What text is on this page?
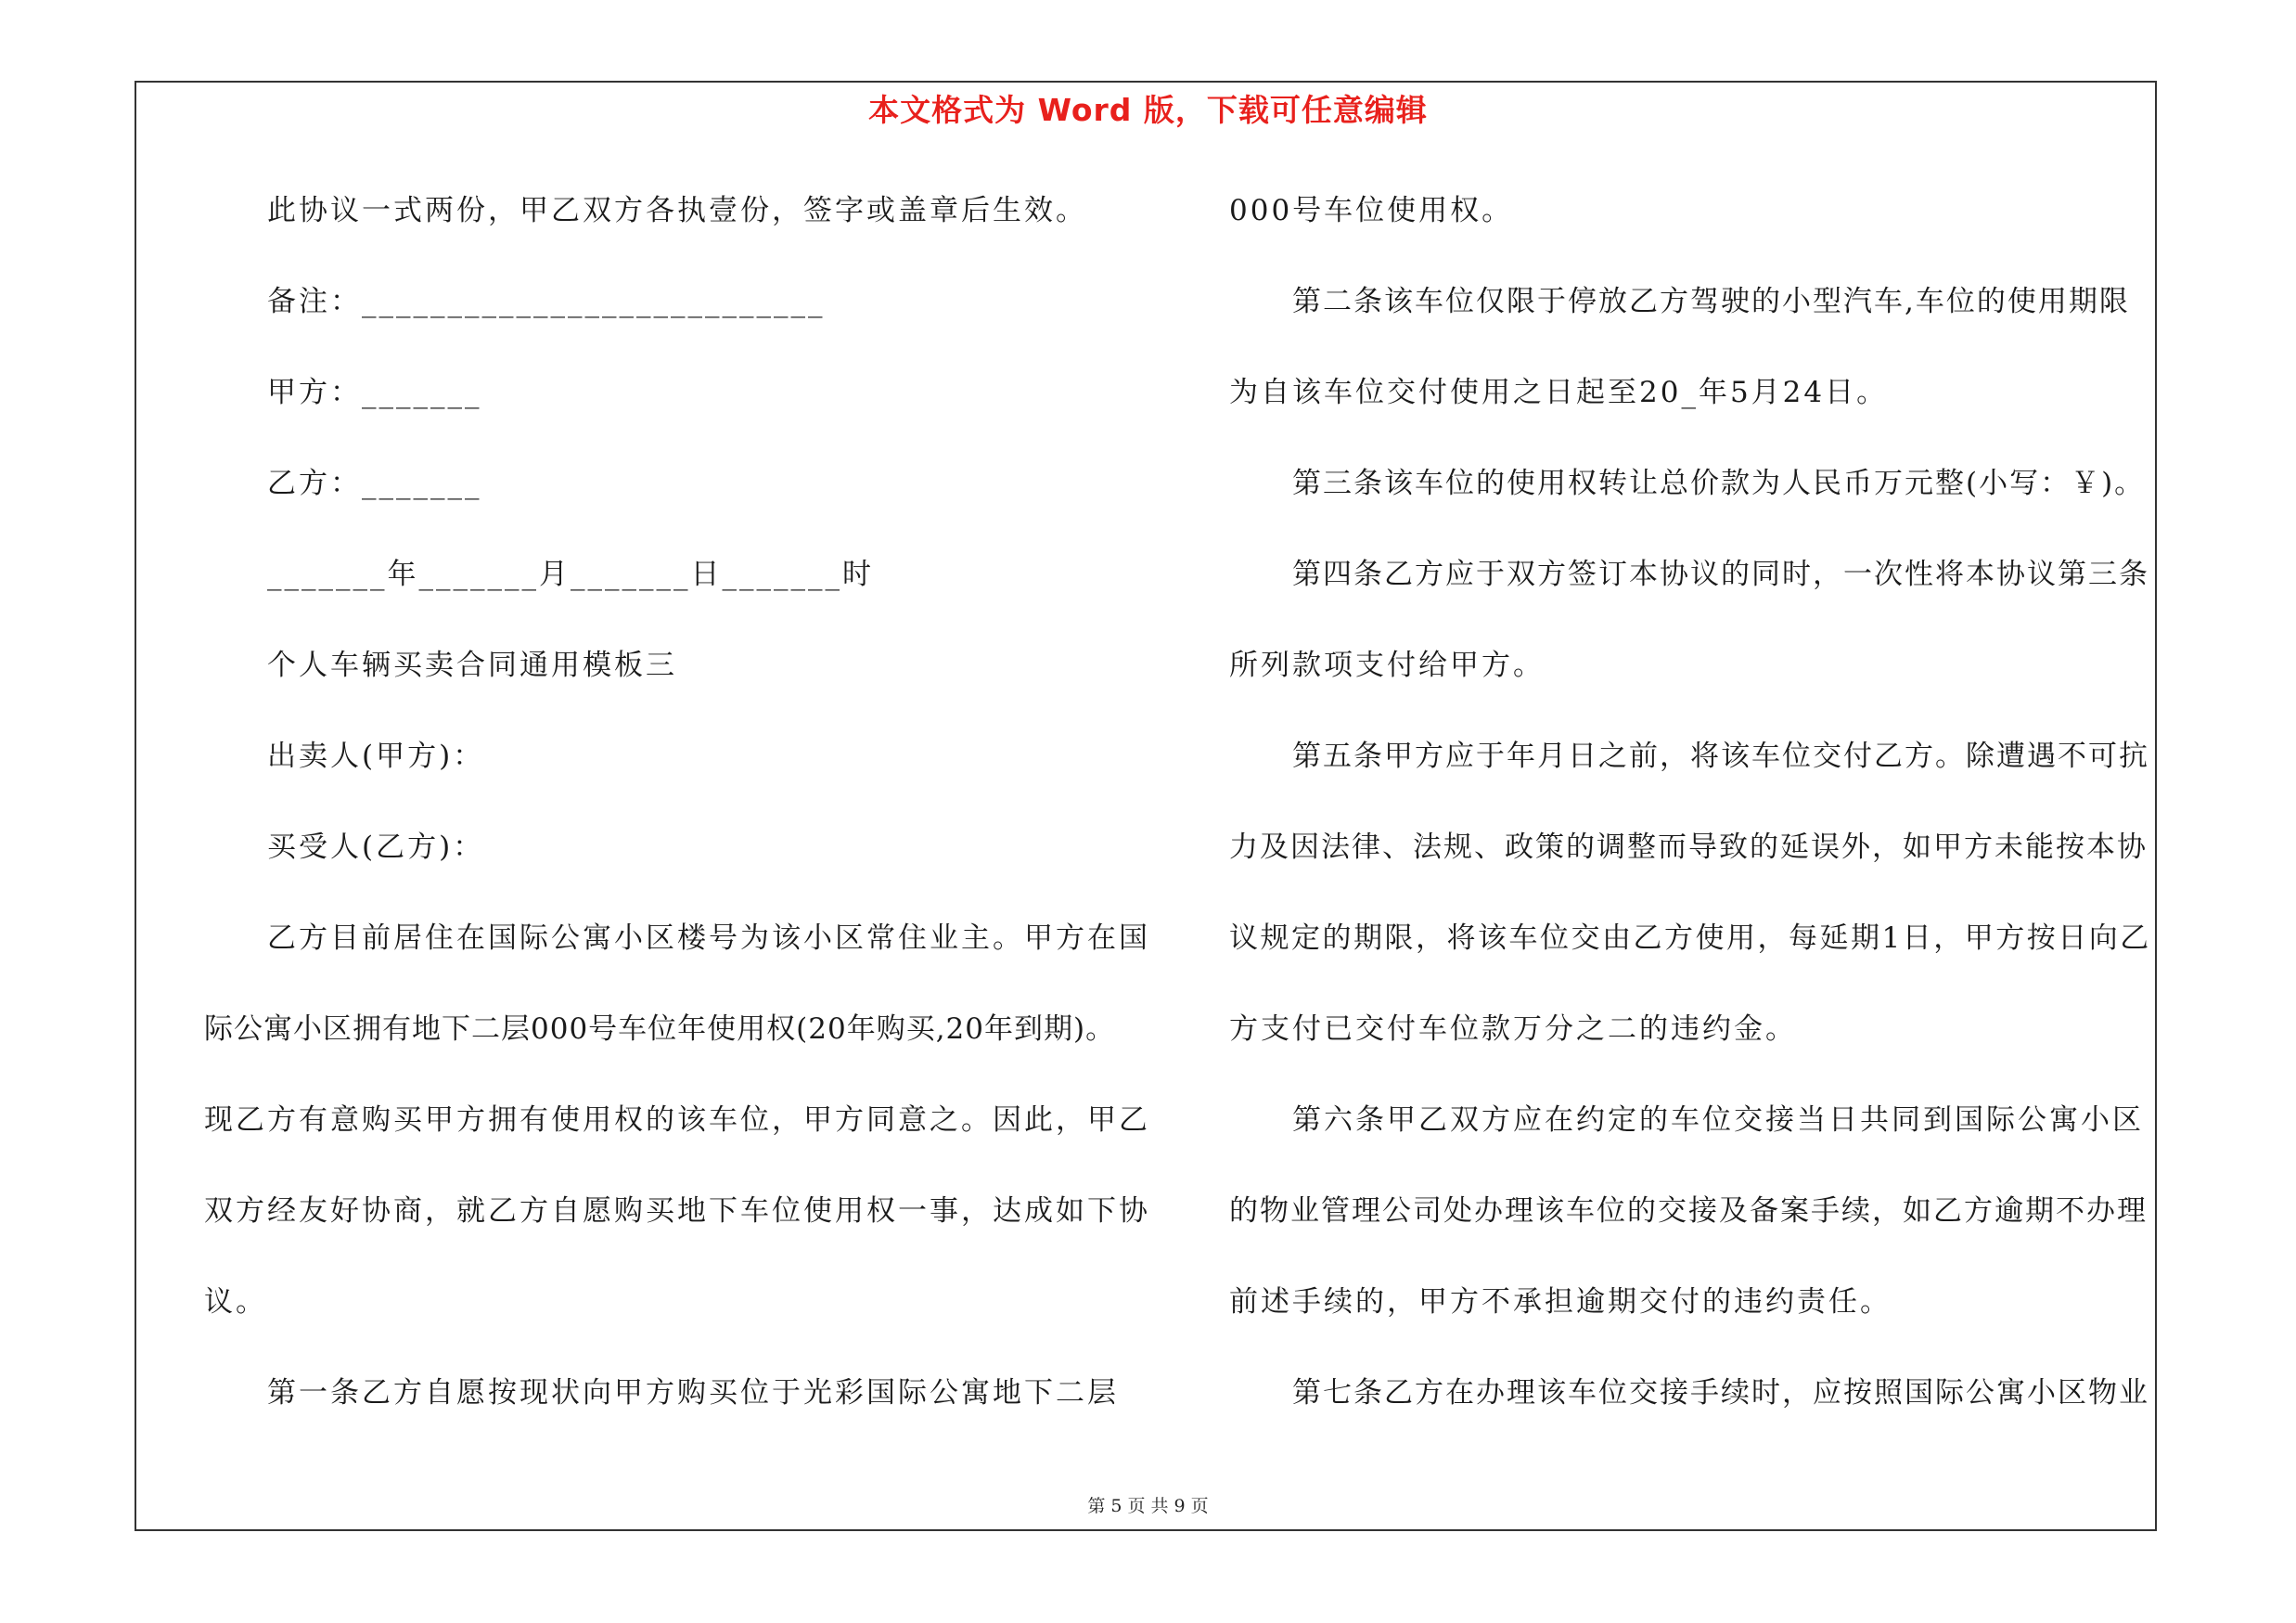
本文格式为 Word 版，下载可任意编辑
此协议一式两份，甲乙双方各执壹份，签字或盖章后生效。
备注：___________________________
甲方：_______
乙方：_______
_______年_______月_______日_______时
个人车辆买卖合同通用模板三
出卖人(甲方)：
买受人(乙方)：
乙方目前居住在国际公寓小区楼号为该小区常住业主。甲方在国
际公寓小区拥有地下二层000号车位年使用权(20年购买,20年到期)。
现乙方有意购买甲方拥有使用权的该车位，甲方同意之。因此，甲乙
双方经友好协商，就乙方自愿购买地下车位使用权一事，达成如下协
议。
第一条乙方自愿按现状向甲方购买位于光彩国际公寓地下二层
000号车位使用权。
第二条该车位仅限于停放乙方驾驶的小型汽车,车位的使用期限
为自该车位交付使用之日起至20_年5月24日。
第三条该车位的使用权转让总价款为人民币万元整(小写：￥)。
第四条乙方应于双方签订本协议的同时，一次性将本协议第三条
所列款项支付给甲方。
第五条甲方应于年月日之前，将该车位交付乙方。除遭遇不可抗
力及因法律、法规、政策的调整而导致的延误外，如甲方未能按本协
议规定的期限，将该车位交由乙方使用，每延期1日，甲方按日向乙
方支付已交付车位款万分之二的违约金。
第六条甲乙双方应在约定的车位交接当日共同到国际公寓小区
的物业管理公司处办理该车位的交接及备案手续，如乙方逾期不办理
前述手续的，甲方不承担逾期交付的违约责任。
第七条乙方在办理该车位交接手续时，应按照国际公寓小区物业
第 5 页 共 9 页
